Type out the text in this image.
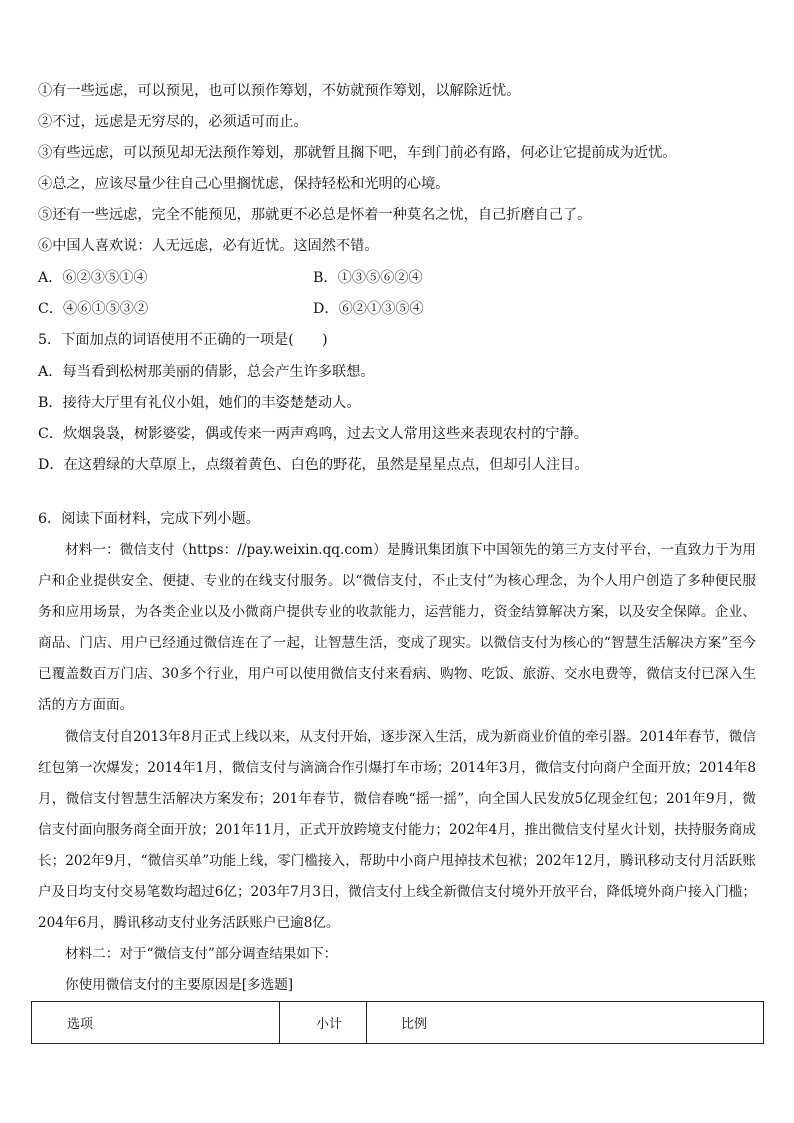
①有一些远虑，可以预见，也可以预作筹划，不妨就预作筹划，以解除近忧。
②不过，远虑是无穷尽的，必须适可而止。
③有些远虑，可以预见却无法预作筹划，那就暂且搁下吧，车到门前必有路，何必让它提前成为近忧。
④总之，应该尽量少往自己心里搁忧虑，保持轻松和光明的心境。
⑤还有一些远虑，完全不能预见，那就更不必总是怀着一种莫名之忧，自己折磨自己了。
⑥中国人喜欢说：人无远虑，必有近忧。这固然不错。
A．⑥②③⑤①④	B．①③⑤⑥②④
C．④⑥①⑤③②	D．⑥②①③⑤④
5．下面加点的词语使用不正确的一项是(　　)
A．每当看到松树那美丽的倩影，总会产生许多联想。
B．接待大厅里有礼仪小姐，她们的丰姿楚楚动人。
C．炊烟袅袅，树影婆娑，偶或传来一两声鸡鸣，过去文人常用这些来表现农村的宁静。
D．在这碧绿的大草原上，点缀着黄色、白色的野花，虽然是星星点点，但却引人注目。
6．阅读下面材料，完成下列小题。
材料一：微信支付（https：//pay.weixin.qq.com）是腾讯集团旗下中国领先的第三方支付平台，一直致力于为用户和企业提供安全、便捷、专业的在线支付服务。以“微信支付，不止支付”为核心理念，为个人用户创造了多种便民服务和应用场景，为各类企业以及小微商户提供专业的收款能力，运营能力，资金结算解决方案，以及安全保障。企业、商品、门店、用户已经通过微信连在了一起，让智慧生活，变成了现实。以微信支付为核心的“智慧生活解决方案”至今已覆盖数百万门店、30多个行业，用户可以使用微信支付来看病、购物、吃饭、旅游、交水电费等，微信支付已深入生活的方方面面。
微信支付自2013年8月正式上线以来，从支付开始，逐步深入生活，成为新商业价值的牵引器。2014年春节，微信红包第一次爆发；2014年1月，微信支付与滴滴合作引爆打车市场；2014年3月，微信支付向商户全面开放；2014年8月，微信支付智慧生活解决方案发布；201年春节，微信春晚“摇一摇”，向全国人民发放5亿现金红包；201年9月，微信支付面向服务商全面开放；201年11月，正式开放跨境支付能力；202年4月，推出微信支付星火计划，扶持服务商成长；202年9月，“微信买单”功能上线，零门槛接入，帮助中小商户甩掉技术包袱；202年12月，腾讯移动支付月活跃账户及日均支付交易笔数均超过6亿；203年7月3日，微信支付上线全新微信支付境外开放平台，降低境外商户接入门槛；204年6月，腾讯移动支付业务活跃账户已逾8亿。
材料二：对于“微信支付”部分调查结果如下：
你使用微信支付的主要原因是[多选题]
选项	小计	比例
